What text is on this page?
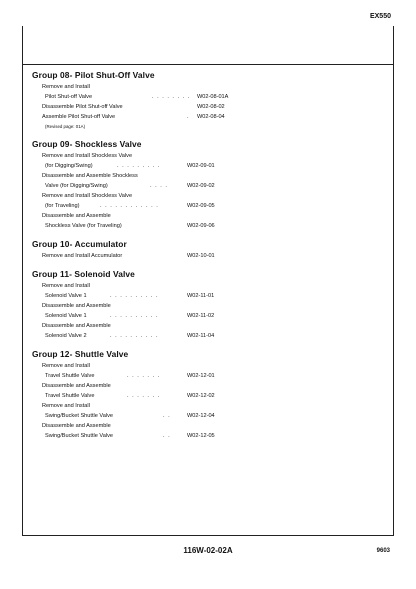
EX550
Group 08- Pilot Shut-Off Valve
Remove and Install
Pilot Shut-off Valve	. . . . . . . .	W02-08-01A
Disassemble Pilot Shut-off Valve	W02-08-02
Assemble Pilot Shut-off Valve	.	W02-08-04
(Revised page: 01A)
Group 09- Shockless Valve
Remove and Install Shockless Valve
(for Digging/Swing)	. . . . . . . . .	W02-09-01
Disassemble and Assemble Shockless
Valve (for Digging/Swing)	. . . .	W02-09-02
Remove and Install Shockless Valve
(for Traveling)	. . . . . . . . . . . .	W02-09-05
Disassemble and Assemble
Shockless Valve (for Traveling)	W02-09-06
Group 10- Accumulator
Remove and Install Accumulator	W02-10-01
Group 11- Solenoid Valve
Remove and Install
Solenoid Valve 1	. . . . . . . . . .	W02-11-01
Disassemble and Assemble
Solenoid Valve 1	. . . . . . . . . .	W02-11-02
Disassemble and Assemble
Solenoid Valve 2	. . . . . . . . . .	W02-11-04
Group 12- Shuttle Valve
Remove and Install
Travel Shuttle Valve	. . . . . . .	W02-12-01
Disassemble and Assemble
Travel Shuttle Valve	. . . . . . .	W02-12-02
Remove and Install
Swing/Bucket Shuttle Valve	. .	W02-12-04
Disassemble and Assemble
Swing/Bucket Shuttle Valve	. .	W02-12-05
116W-02-02A	9603
